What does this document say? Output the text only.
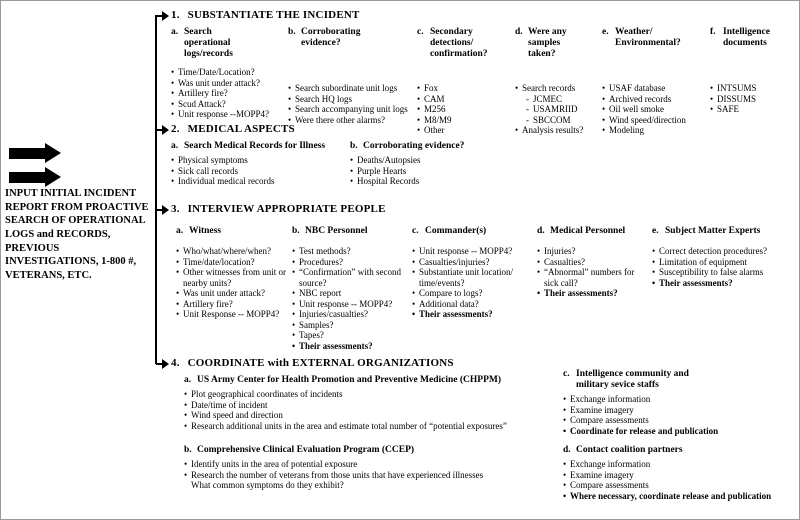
INPUT INITIAL INCIDENT REPORT FROM PROACTIVE SEARCH OF OPERATIONAL LOGS and RECORDS, PREVIOUS INVESTIGATIONS, 1-800 #, VETERANS, ETC.
1. SUBSTANTIATE THE INCIDENT
a. Search operational logs/records
• Time/Date/Location?
• Was unit under attack?
• Artillery fire?
• Scud Attack?
• Unit response --MOPP4?
b. Corroborating evidence?
• Search subordinate unit logs
• Search HQ logs
• Search accompanying unit logs
• Were there other alarms?
c. Secondary detections/ confirmation?
• Fox
• CAM
• M256
• M8/M9
• Other
d. Were any samples taken?
• Search records
- JCMEC
- USAMRIID
- SBCCOM
• Analysis results?
e. Weather/ Environmental?
• USAF database
• Archived records
• Oil well smoke
• Wind speed/direction
• Modeling
f. Intelligence documents
• INTSUMS
• DISSUMS
• SAFE
2. MEDICAL ASPECTS
a. Search Medical Records for Illness
• Physical symptoms
• Sick call records
• Individual medical records
b. Corroborating evidence?
• Deaths/Autopsies
• Purple Hearts
• Hospital Records
3. INTERVIEW APPROPRIATE PEOPLE
a. Witness
• Who/what/where/when?
• Time/date/location?
• Other witnesses from unit or nearby units?
• Was unit under attack?
• Artillery fire?
• Unit Response -- MOPP4?
b. NBC Personnel
• Test methods?
• Procedures?
• “Confirmation” with second source?
• NBC report
• Unit response -- MOPP4?
• Injuries/casualties?
• Samples?
• Tapes?
• Their assessments?
c. Commander(s)
• Unit response -- MOPP4?
• Casualties/injuries?
• Substantiate unit location/ time/events?
• Compare to logs?
• Additional data?
• Their assessments?
d. Medical Personnel
• Injuries?
• Casualties?
• “Abnormal” numbers for sick call?
• Their assessments?
e. Subject Matter Experts
• Correct detection procedures?
• Limitation of equipment
• Susceptibility to false alarms
• Their assessments?
4. COORDINATE with EXTERNAL ORGANIZATIONS
a. US Army Center for Health Promotion and Preventive Medicine (CHPPM)
• Plot geographical coordinates of incidents
• Date/time of incident
• Wind speed and direction
• Research additional units in the area and estimate total number of “potential exposures”
b. Comprehensive Clinical Evaluation Program (CCEP)
• Identify units in the area of potential exposure
• Research the number of veterans from those units that have experienced illnesses
What common symptoms do they exhibit?
c. Intelligence community and military sevice staffs
• Exchange information
• Examine imagery
• Compare assessments
• Coordinate for release and publication
d. Contact coalition partners
• Exchange information
• Examine imagery
• Compare assessments
• Where necessary, coordinate release and publication
